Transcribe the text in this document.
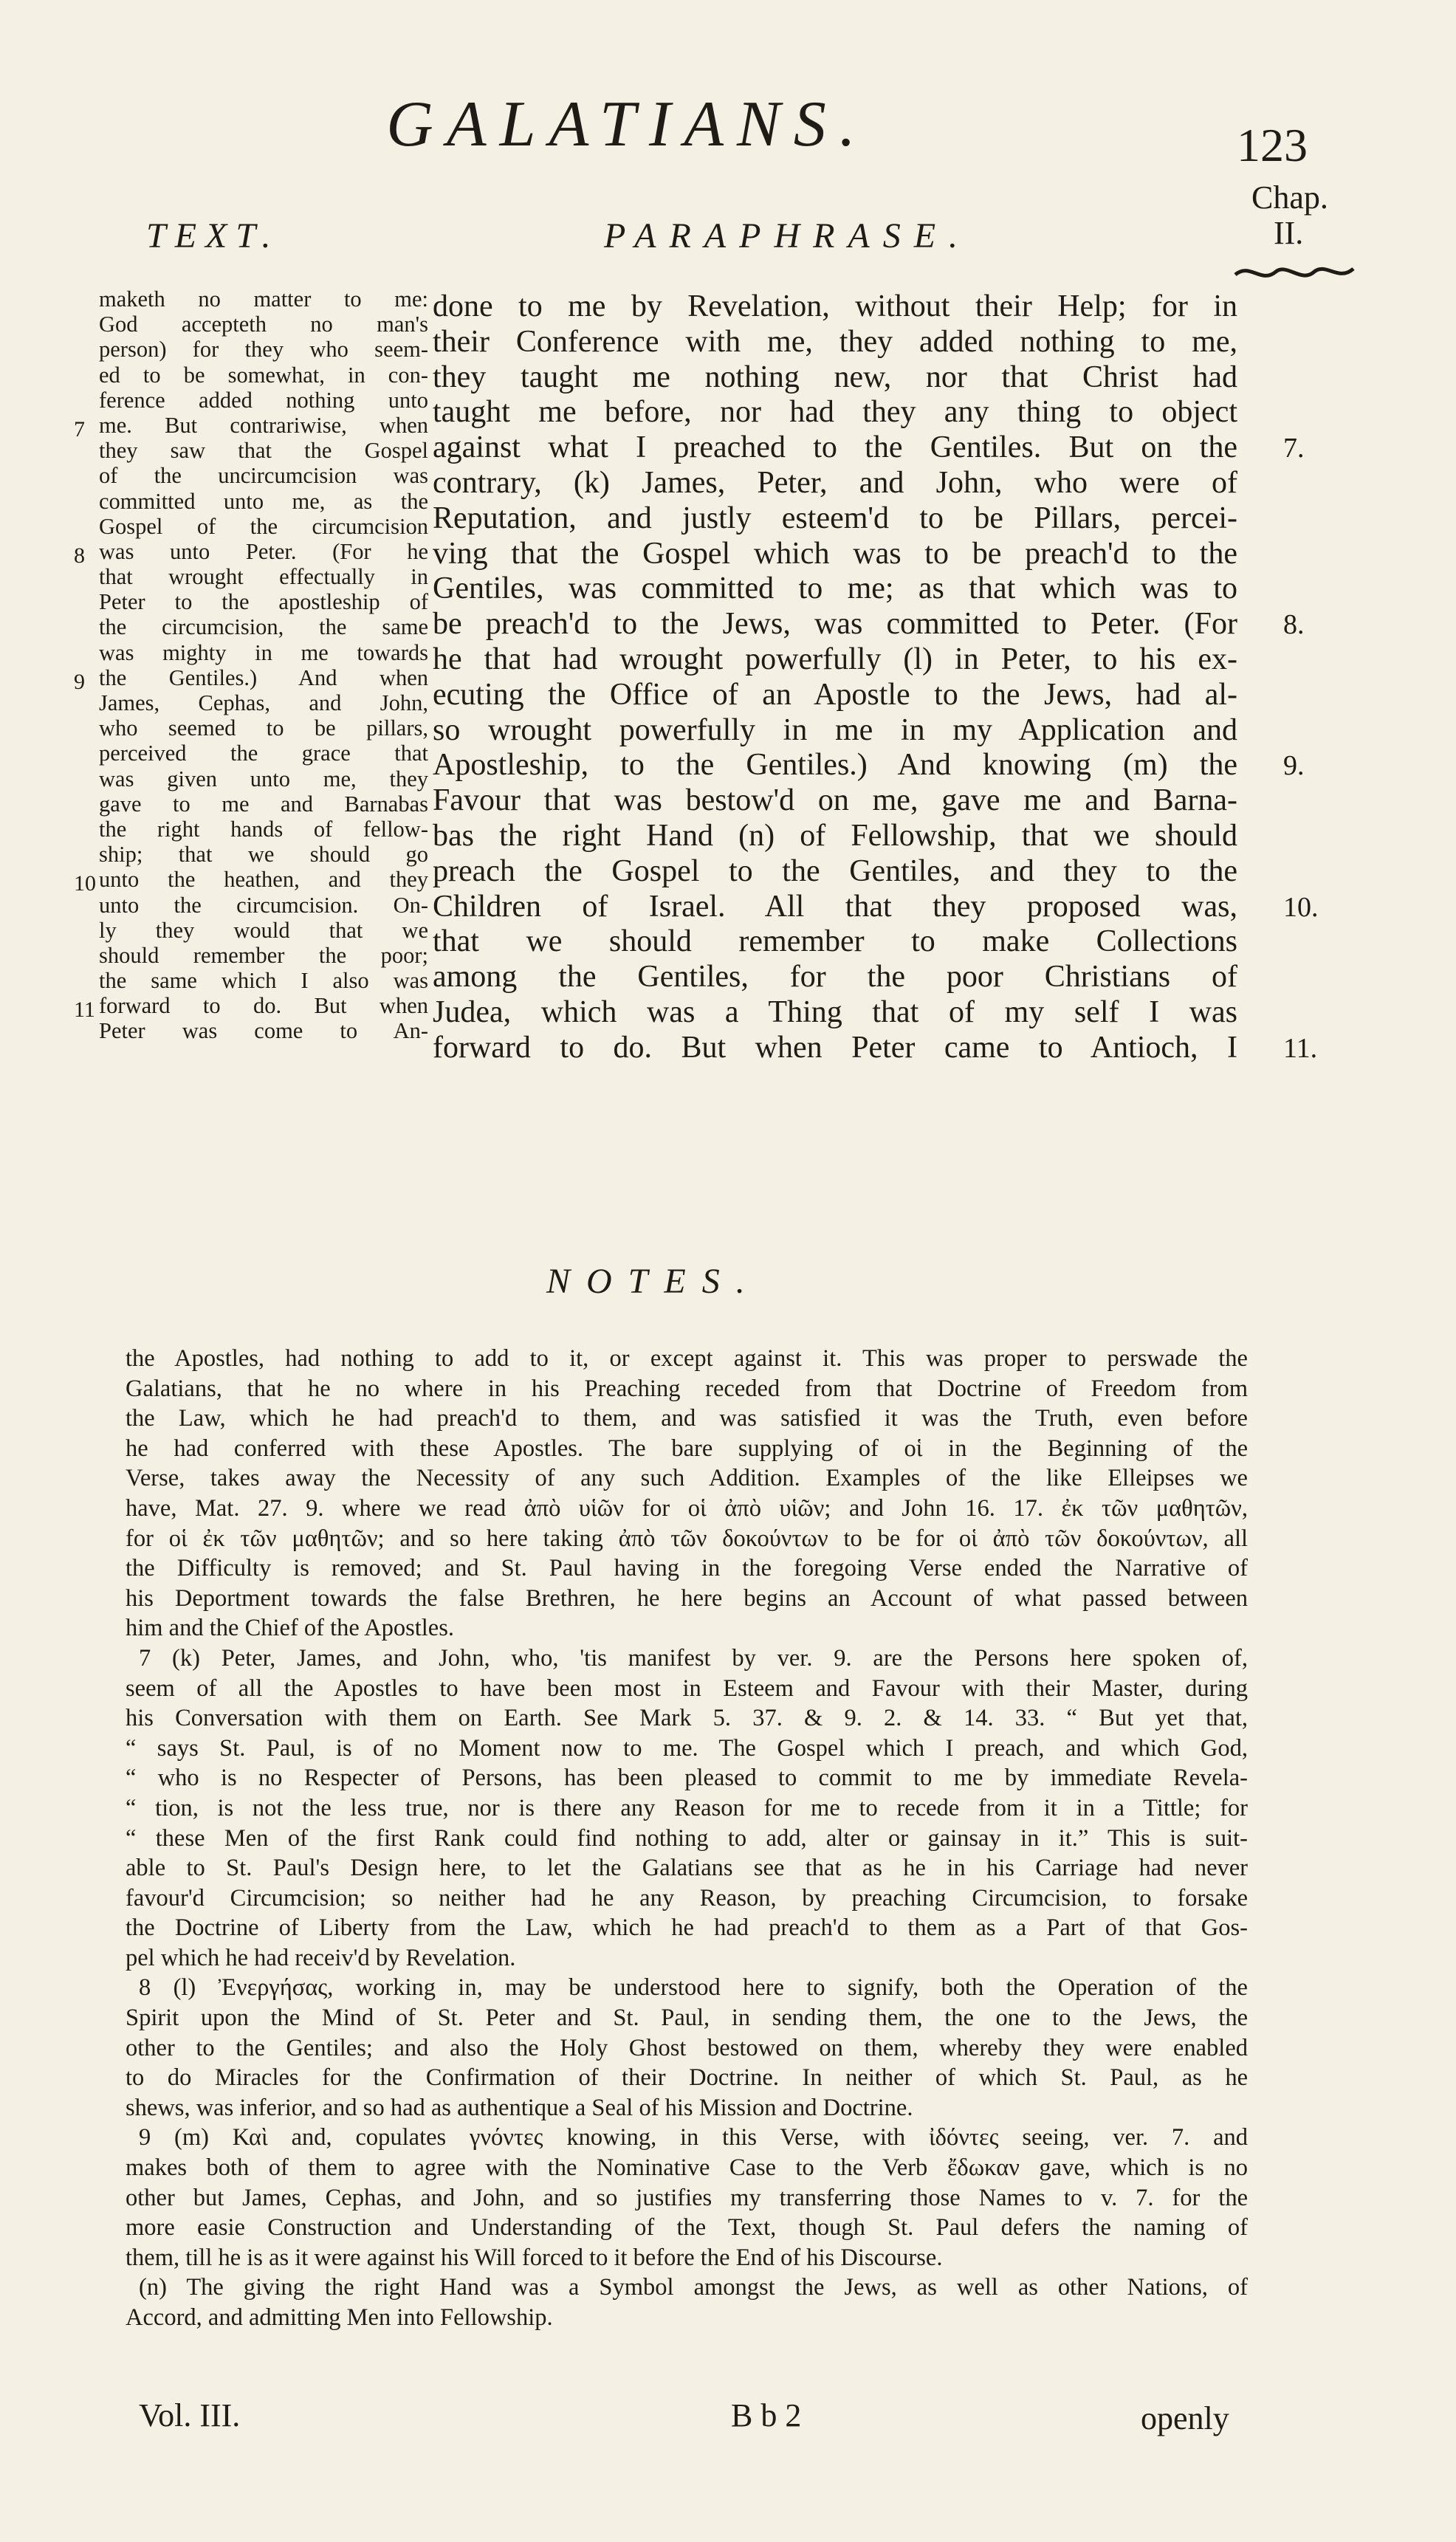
GALATIANS.	123
Chap.
II.
TEXT.	PARAPHRASE.
maketh no matter to me:
God accepteth no man's
person) for they who seem-
ed to be somewhat, in con-
ference added nothing unto
7 me. But contrariwise, when
they saw that the Gospel
of the uncircumcision was
committed unto me, as the
Gospel of the circumcision
8 was unto Peter. (For he
that wrought effectually in
Peter to the apostleship of
the circumcision, the same
was mighty in me towards
9 the Gentiles.) And when
James, Cephas, and John,
who seemed to be pillars,
perceived the grace that
was given unto me, they
gave to me and Barnabas
the right hands of fellow-
ship; that we should go
10 unto the heathen, and they
unto the circumcision. On-
ly they would that we
should remember the poor;
the same which I also was
11 forward to do. But when
Peter was come to An-
done to me by Revelation, without their Help; for in
their Conference with me, they added nothing to me,
they taught me nothing new, nor that Christ had
taught me before, nor had they any thing to object
against what I preached to the Gentiles. But on the
contrary, (k) James, Peter, and John, who were of
Reputation, and justly esteem'd to be Pillars, percei-
ving that the Gospel which was to be preach'd to the
Gentiles, was committed to me; as that which was to
be preach'd to the Jews, was committed to Peter. (For
he that had wrought powerfully (l) in Peter, to his ex-
ecuting the Office of an Apostle to the Jews, had al-
so wrought powerfully in me in my Application and
Apostleship, to the Gentiles.) And knowing (m) the
Favour that was bestow'd on me, gave me and Barna-
bas the right Hand (n) of Fellowship, that we should
preach the Gospel to the Gentiles, and they to the
Children of Israel. All that they proposed was,
that we should remember to make Collections
among the Gentiles, for the poor Christians of
Judea, which was a Thing that of my self I was
forward to do. But when Peter came to Antioch, I
7.
8.
9.
10.
11.
NOTES.
the Apostles, had nothing to add to it, or except against it. This was proper to perswade the
Galatians, that he no where in his Preaching receded from that Doctrine of Freedom from
the Law, which he had preach'd to them, and was satisfied it was the Truth, even before
he had conferred with these Apostles. The bare supplying of οἱ in the Beginning of the
Verse, takes away the Necessity of any such Addition. Examples of the like Elleipses we
have, Mat. 27. 9. where we read ἀπὸ υἱῶν for οἱ ἀπὸ υἱῶν; and John 16. 17. ἐκ τῶν μαθητῶν,
for οἱ ἐκ τῶν μαθητῶν; and so here taking ἀπὸ τῶν δοκούντων to be for οἱ ἀπὸ τῶν δοκούντων, all
the Difficulty is removed; and St. Paul having in the foregoing Verse ended the Narrative of
his Deportment towards the false Brethren, he here begins an Account of what passed between
him and the Chief of the Apostles.
7 (k) Peter, James, and John, who, 'tis manifest by ver. 9. are the Persons here spoken of,
seem of all the Apostles to have been most in Esteem and Favour with their Master, during
his Conversation with them on Earth. See Mark 5. 37. & 9. 2. & 14. 33. “ But yet that,
“ says St. Paul, is of no Moment now to me. The Gospel which I preach, and which God,
“ who is no Respecter of Persons, has been pleased to commit to me by immediate Revela-
“ tion, is not the less true, nor is there any Reason for me to recede from it in a Tittle; for
“ these Men of the first Rank could find nothing to add, alter or gainsay in it.” This is suit-
able to St. Paul's Design here, to let the Galatians see that as he in his Carriage had never
favour'd Circumcision; so neither had he any Reason, by preaching Circumcision, to forsake
the Doctrine of Liberty from the Law, which he had preach'd to them as a Part of that Gos-
pel which he had receiv'd by Revelation.
8 (l) Ἐνεργήσας, working in, may be understood here to signify, both the Operation of the
Spirit upon the Mind of St. Peter and St. Paul, in sending them, the one to the Jews, the
other to the Gentiles; and also the Holy Ghost bestowed on them, whereby they were enabled
to do Miracles for the Confirmation of their Doctrine. In neither of which St. Paul, as he
shews, was inferior, and so had as authentique a Seal of his Mission and Doctrine.
9 (m) Καὶ and, copulates γνόντες knowing, in this Verse, with ἰδόντες seeing, ver. 7. and
makes both of them to agree with the Nominative Case to the Verb ἔδωκαν gave, which is no
other but James, Cephas, and John, and so justifies my transferring those Names to v. 7. for the
more easie Construction and Understanding of the Text, though St. Paul defers the naming of
them, till he is as it were against his Will forced to it before the End of his Discourse.
(n) The giving the right Hand was a Symbol amongst the Jews, as well as other Nations, of
Accord, and admitting Men into Fellowship.
Vol. III.	B b 2	openly
